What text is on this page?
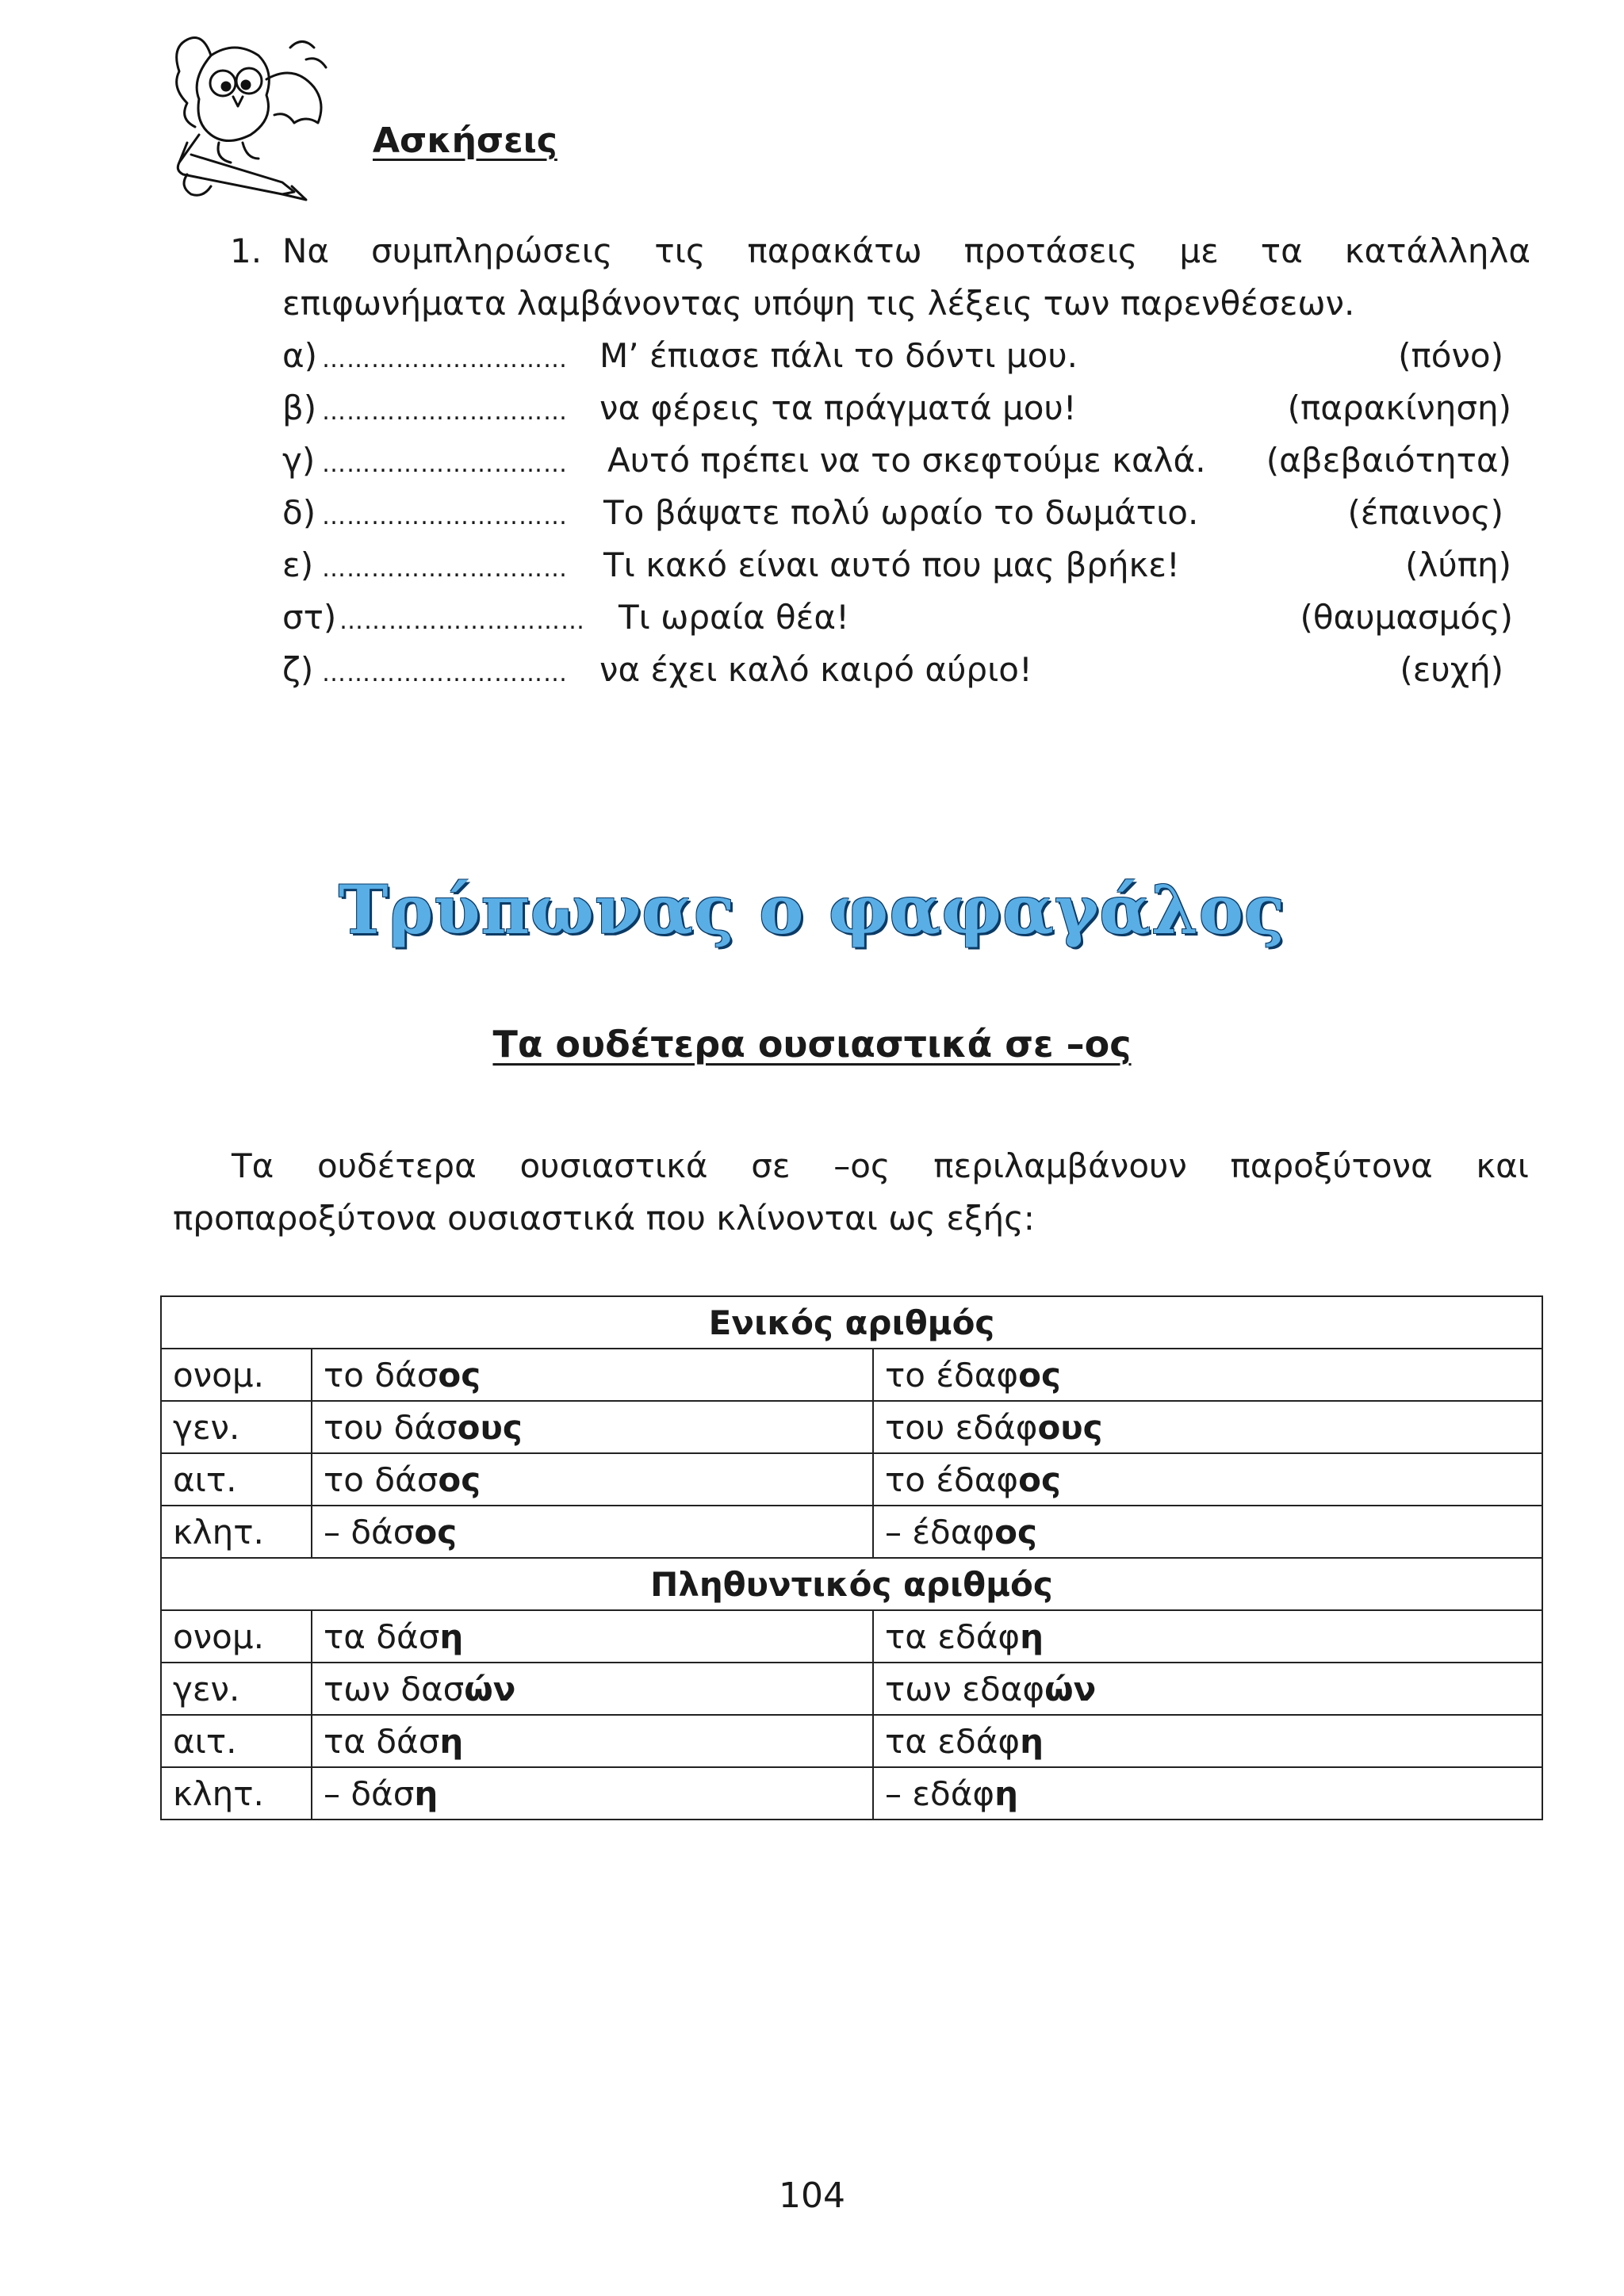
Ασκήσεις
1. Να συμπληρώσεις τις παρακάτω προτάσεις με τα κατάλληλα
επιφωνήματα λαμβάνοντας υπόψη τις λέξεις των παρενθέσεων.
α) ………………………… Μ’ έπιασε πάλι το δόντι μου.	(πόνο)
β) ………………………… να φέρεις τα πράγματά μου!	(παρακίνηση)
γ) ………………………… Αυτό πρέπει να το σκεφτούμε καλά. (αβεβαιότητα)
δ) ………………………… Το βάψατε πολύ ωραίο το δωμάτιο.	(έπαινος)
ε) ………………………… Τι κακό είναι αυτό που μας βρήκε!	(λύπη)
στ) ………………………… Τι ωραία θέα!	(θαυμασμός)
ζ) ………………………… να έχει καλό καιρό αύριο!	(ευχή)
Τρύπωνας ο φαφαγάλος
Τα ουδέτερα ουσιαστικά σε –ος
Τα ουδέτερα ουσιαστικά σε –ος περιλαμβάνουν παροξύτονα και
προπαροξύτονα ουσιαστικά που κλίνονται ως εξής:
Ενικός αριθμός		
ονομ.	το δάσος	το έδαφος
γεν.	του δάσους	του εδάφους
αιτ.	το δάσος	το έδαφος
κλητ.	– δάσος	– έδαφος
Πληθυντικός αριθμός		
ονομ.	τα δάση	τα εδάφη
γεν.	των δασών	των εδαφών
αιτ.	τα δάση	τα εδάφη
κλητ.	– δάση	– εδάφη
104
